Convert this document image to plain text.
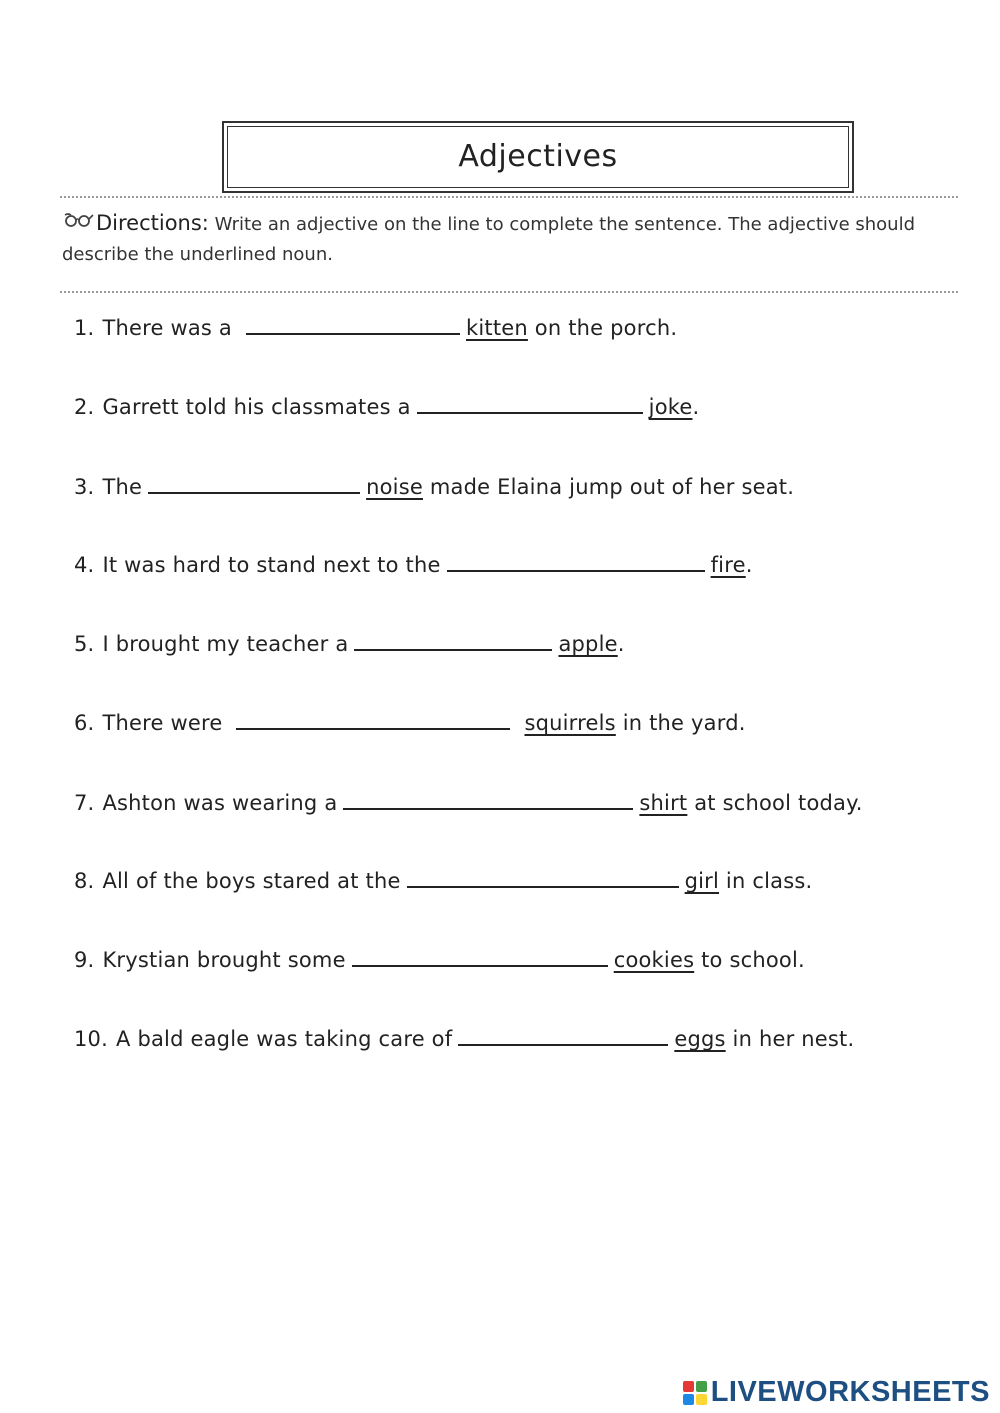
Adjectives
Directions: Write an adjective on the line to complete the sentence. The adjective should describe the underlined noun.
1. There was a	kitten on the porch.
2. Garrett told his classmates a	joke.
3. The	noise made Elaina jump out of her seat.
4. It was hard to stand next to the	fire.
5. I brought my teacher a	apple.
6. There were	squirrels in the yard.
7. Ashton was wearing a	shirt at school today.
8. All of the boys stared at the	girl in class.
9. Krystian brought some	cookies to school.
10. A bald eagle was taking care of	eggs in her nest.
LIVEWORKSHEETS
